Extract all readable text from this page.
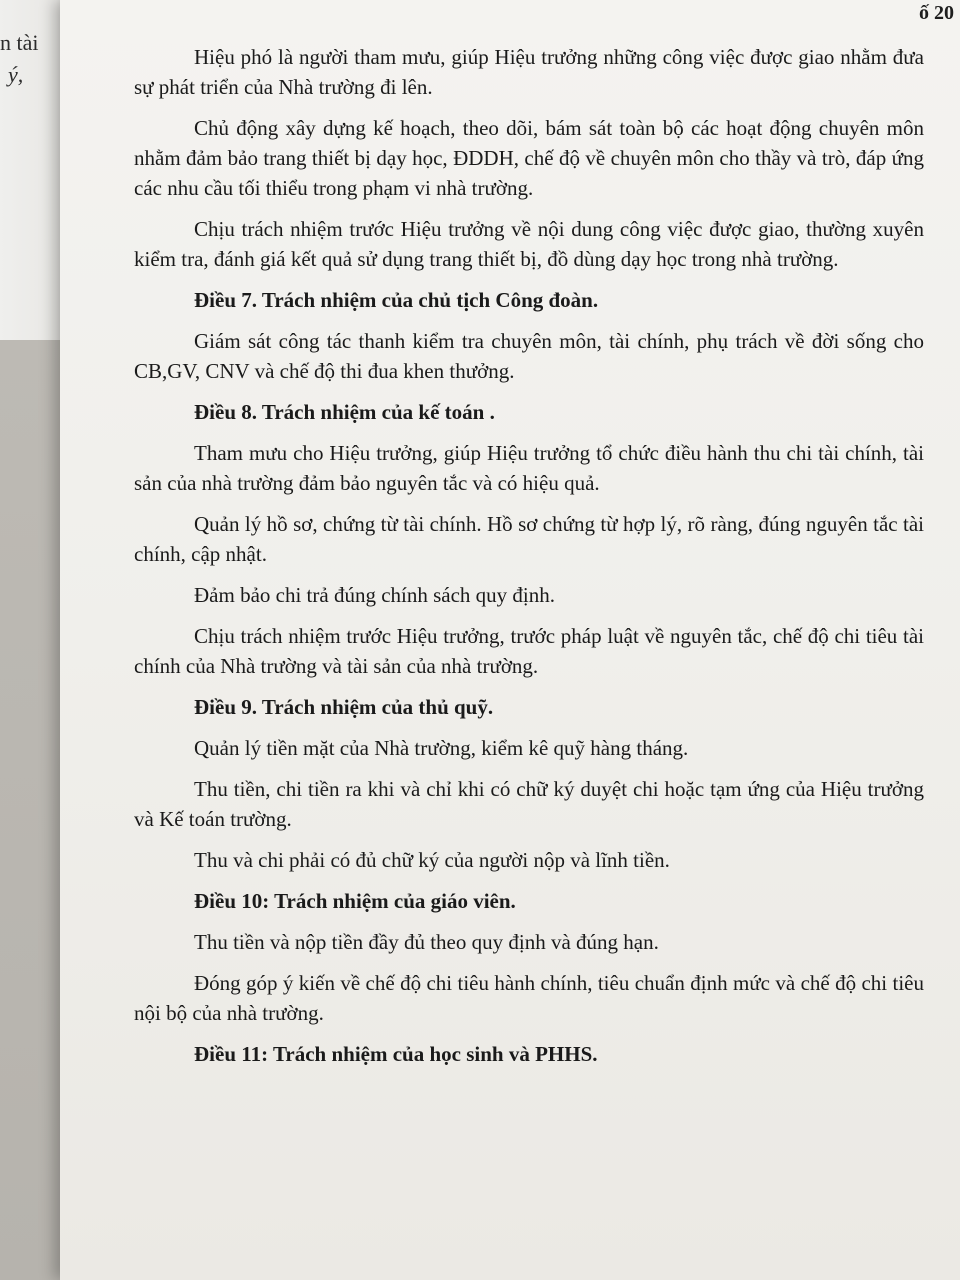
n tài
ý,
ố 20

Hiệu phó là người tham mưu, giúp Hiệu trưởng những công việc được giao nhằm đưa sự phát triển của Nhà trường đi lên.

Chủ động xây dựng kế hoạch, theo dõi, bám sát toàn bộ các hoạt động chuyên môn nhằm đảm bảo trang thiết bị dạy học, ĐDDH, chế độ về chuyên môn cho thầy và trò, đáp ứng các nhu cầu tối thiểu trong phạm vi nhà trường.

Chịu trách nhiệm trước Hiệu trưởng về nội dung công việc được giao, thường xuyên kiểm tra, đánh giá kết quả sử dụng trang thiết bị, đồ dùng dạy học trong nhà trường.

Điều 7. Trách nhiệm của chủ tịch Công đoàn.

Giám sát công tác thanh kiểm tra chuyên môn, tài chính, phụ trách về đời sống cho CB,GV, CNV và chế độ thi đua khen thưởng.

Điều 8. Trách nhiệm của kế toán .

Tham mưu cho Hiệu trưởng, giúp Hiệu trưởng tổ chức điều hành thu chi tài chính, tài sản của nhà trường đảm bảo nguyên tắc và có hiệu quả.

Quản lý hồ sơ, chứng từ tài chính. Hồ sơ chứng từ hợp lý, rõ ràng, đúng nguyên tắc tài chính, cập nhật.

Đảm bảo chi trả đúng chính sách quy định.

Chịu trách nhiệm trước Hiệu trưởng, trước pháp luật về nguyên tắc, chế độ chi tiêu tài chính của Nhà trường và tài sản của nhà trường.

Điều 9. Trách nhiệm của thủ quỹ.

Quản lý tiền mặt của Nhà trường, kiểm kê quỹ hàng tháng.

Thu tiền, chi tiền ra khi và chỉ khi có chữ ký duyệt chi hoặc tạm ứng của Hiệu trưởng và Kế toán trường.

Thu và chi phải có đủ chữ ký của người nộp và lĩnh tiền.

Điều 10: Trách nhiệm của giáo viên.

Thu tiền và nộp tiền đầy đủ theo quy định và đúng hạn.

Đóng góp ý kiến về chế độ chi tiêu hành chính, tiêu chuẩn định mức và chế độ chi tiêu nội bộ của nhà trường.

Điều 11: Trách nhiệm của học sinh và PHHS.
